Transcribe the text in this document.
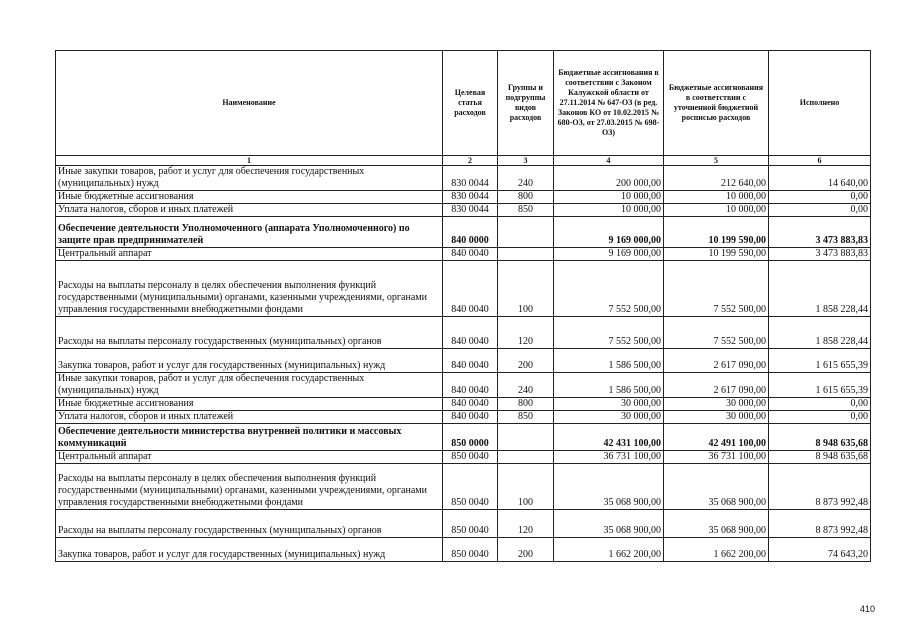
Наименование	Целевая статья расходов	Группы и подгруппы видов расходов	Бюджетные ассигнования в соответствии с Законом Калужской области от 27.11.2014 № 647-ОЗ (в ред. Законов КО от 10.02.2015 № 680-ОЗ, от 27.03.2015 № 698-ОЗ)	Бюджетные ассигнования в соответствии с уточненной бюджетной росписью расходов	Исполнено
1	2	3	4	5	6
Иные закупки товаров, работ и услуг для обеспечения государственных (муниципальных) нужд	830 0044	240	200 000,00	212 640,00	14 640,00
Иные бюджетные ассигнования	830 0044	800	10 000,00	10 000,00	0,00
Уплата налогов, сборов и иных платежей	830 0044	850	10 000,00	10 000,00	0,00
Обеспечение деятельности Уполномоченного (аппарата Уполномоченного) по защите прав предпринимателей	840 0000		9 169 000,00	10 199 590,00	3 473 883,83
Центральный аппарат	840 0040		9 169 000,00	10 199 590,00	3 473 883,83
Расходы на выплаты персоналу в целях обеспечения выполнения функций государственными (муниципальными) органами, казенными учреждениями, органами управления государственными внебюджетными фондами	840 0040	100	7 552 500,00	7 552 500,00	1 858 228,44
Расходы на выплаты персоналу государственных (муниципальных) органов	840 0040	120	7 552 500,00	7 552 500,00	1 858 228,44
Закупка товаров, работ и услуг для государственных (муниципальных) нужд	840 0040	200	1 586 500,00	2 617 090,00	1 615 655,39
Иные закупки товаров, работ и услуг для обеспечения государственных (муниципальных) нужд	840 0040	240	1 586 500,00	2 617 090,00	1 615 655,39
Иные бюджетные ассигнования	840 0040	800	30 000,00	30 000,00	0,00
Уплата налогов, сборов и иных платежей	840 0040	850	30 000,00	30 000,00	0,00
Обеспечение деятельности министерства внутренней политики и массовых коммуникаций	850 0000		42 431 100,00	42 491 100,00	8 948 635,68
Центральный аппарат	850 0040		36 731 100,00	36 731 100,00	8 948 635,68
Расходы на выплаты персоналу в целях обеспечения выполнения функций государственными (муниципальными) органами, казенными учреждениями, органами управления государственными внебюджетными фондами	850 0040	100	35 068 900,00	35 068 900,00	8 873 992,48
Расходы на выплаты персоналу государственных (муниципальных) органов	850 0040	120	35 068 900,00	35 068 900,00	8 873 992,48
Закупка товаров, работ и услуг для государственных (муниципальных) нужд	850 0040	200	1 662 200,00	1 662 200,00	74 643,20
410
